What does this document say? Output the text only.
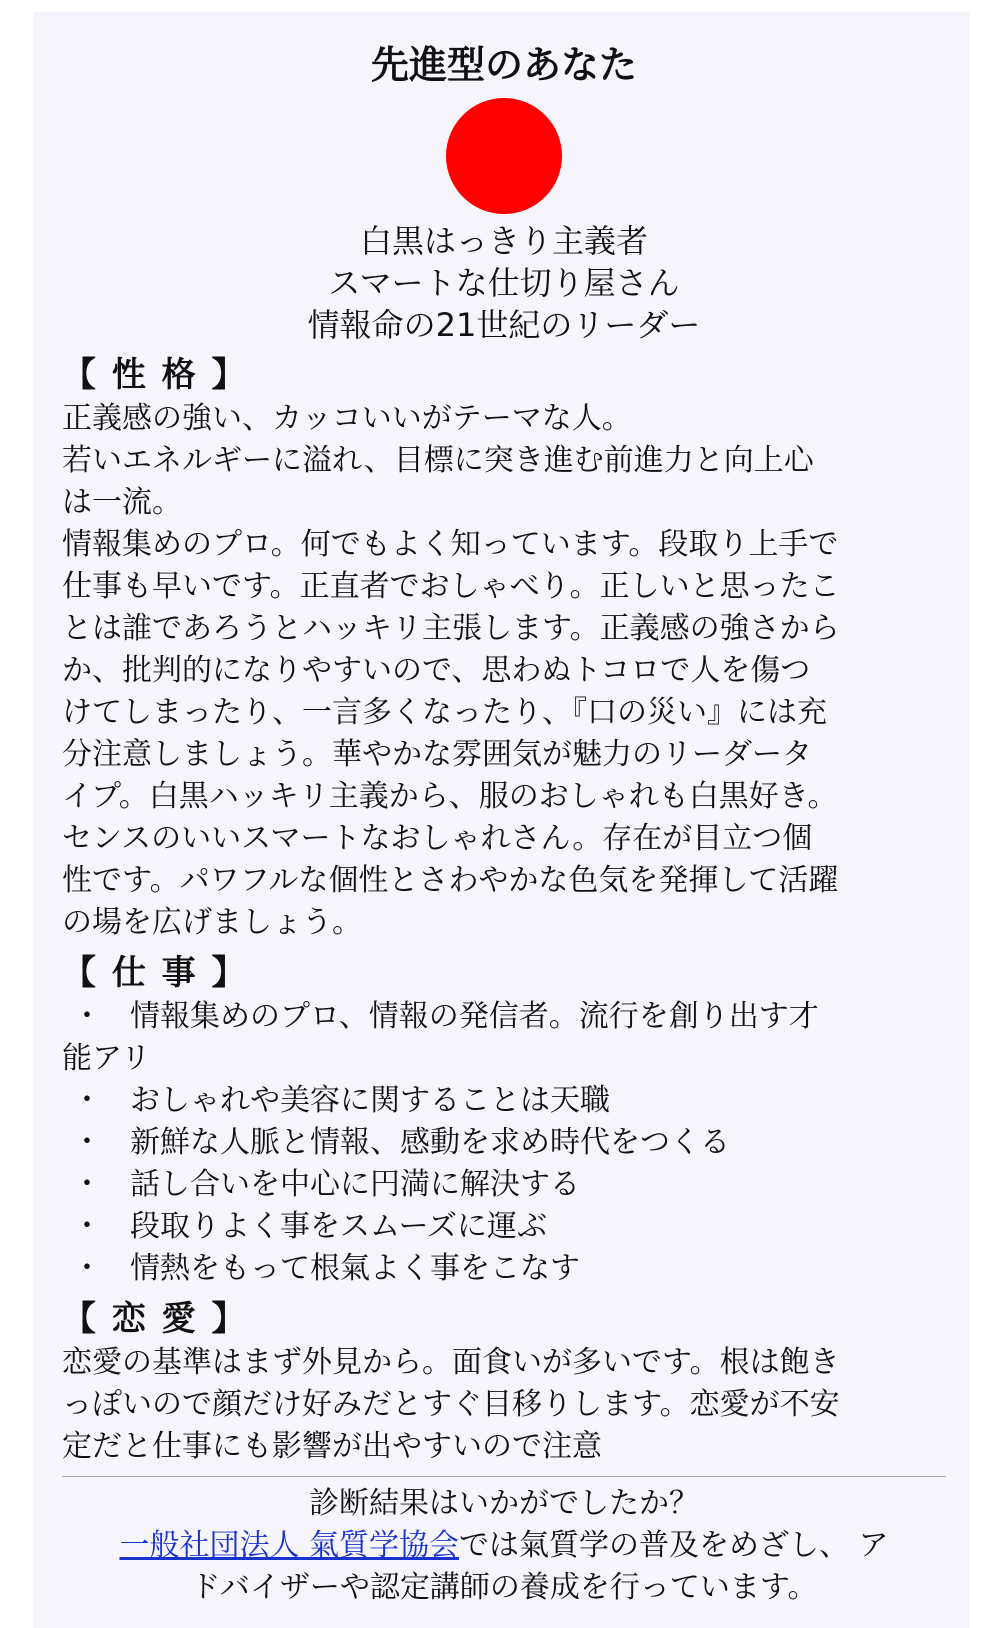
先進型のあなた
白黒はっきり主義者
スマートな仕切り屋さん
情報命の21世紀のリーダー
【 性 格 】
正義感の強い、カッコいいがテーマな人。
若いエネルギーに溢れ、目標に突き進む前進力と向上心
は一流。
情報集めのプロ。何でもよく知っています。段取り上手で
仕事も早いです。正直者でおしゃべり。正しいと思ったこ
とは誰であろうとハッキリ主張します。正義感の強さから
か、批判的になりやすいので、思わぬトコロで人を傷つ
けてしまったり、一言多くなったり、『口の災い』には充
分注意しましょう。華やかな雰囲気が魅力のリーダータ
イプ。白黒ハッキリ主義から、服のおしゃれも白黒好き。
センスのいいスマートなおしゃれさん。存在が目立つ個
性です。パワフルな個性とさわやかな色気を発揮して活躍
の場を広げましょう。
【 仕 事 】
・ 情報集めのプロ、情報の発信者。流行を創り出す才
能アリ
・ おしゃれや美容に関することは天職
・ 新鮮な人脈と情報、感動を求め時代をつくる
・ 話し合いを中心に円満に解決する
・ 段取りよく事をスムーズに運ぶ
・ 情熱をもって根氣よく事をこなす
【 恋 愛 】
恋愛の基準はまず外見から。面食いが多いです。根は飽き
っぽいので顔だけ好みだとすぐ目移りします。恋愛が不安
定だと仕事にも影響が出やすいので注意
診断結果はいかがでしたか？
一般社団法人 氣質学協会では氣質学の普及をめざし、 ア
ドバイザーや認定講師の養成を行っています。
